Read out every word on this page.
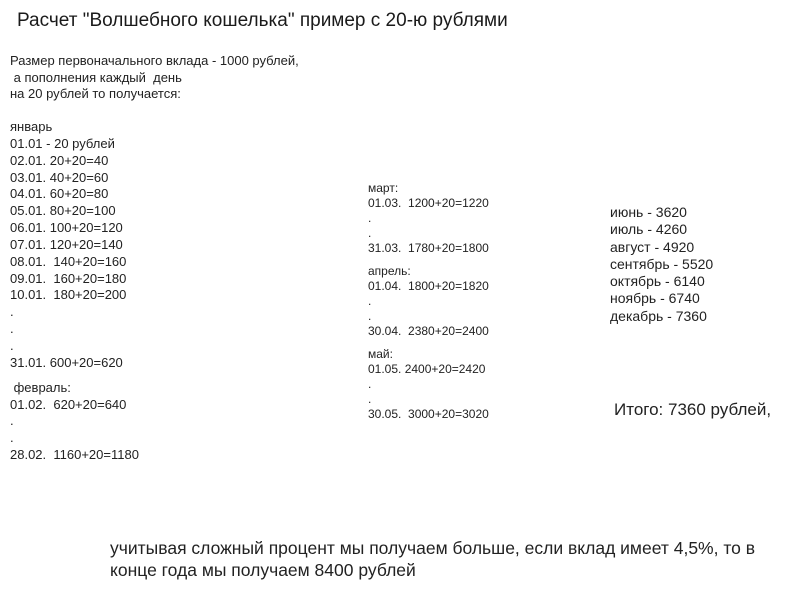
Расчет "Волшебного кошелька" пример с 20-ю рублями
Размер первоначального вклада - 1000 рублей,
а пополнения каждый  день
на 20 рублей то получается:
январь
01.01 - 20 рублей
02.01. 20+20=40
03.01. 40+20=60
04.01. 60+20=80
05.01. 80+20=100
06.01. 100+20=120
07.01. 120+20=140
08.01.  140+20=160
09.01.  160+20=180
10.01.  180+20=200
.
.
.
31.01. 600+20=620
февраль:
01.02.  620+20=640
.
.
28.02.  1160+20=1180
март:
01.03.  1200+20=1220
.
.
31.03.  1780+20=1800
апрель:
01.04.  1800+20=1820
.
.
30.04.  2380+20=2400
май:
01.05. 2400+20=2420
.
.
30.05.  3000+20=3020
июнь - 3620
июль - 4260
август - 4920
сентябрь - 5520
октябрь - 6140
ноябрь - 6740
декабрь - 7360
Итого: 7360 рублей,
учитывая сложный процент мы получаем больше, если вклад имеет 4,5%, то в конце года мы получаем 8400 рублей
